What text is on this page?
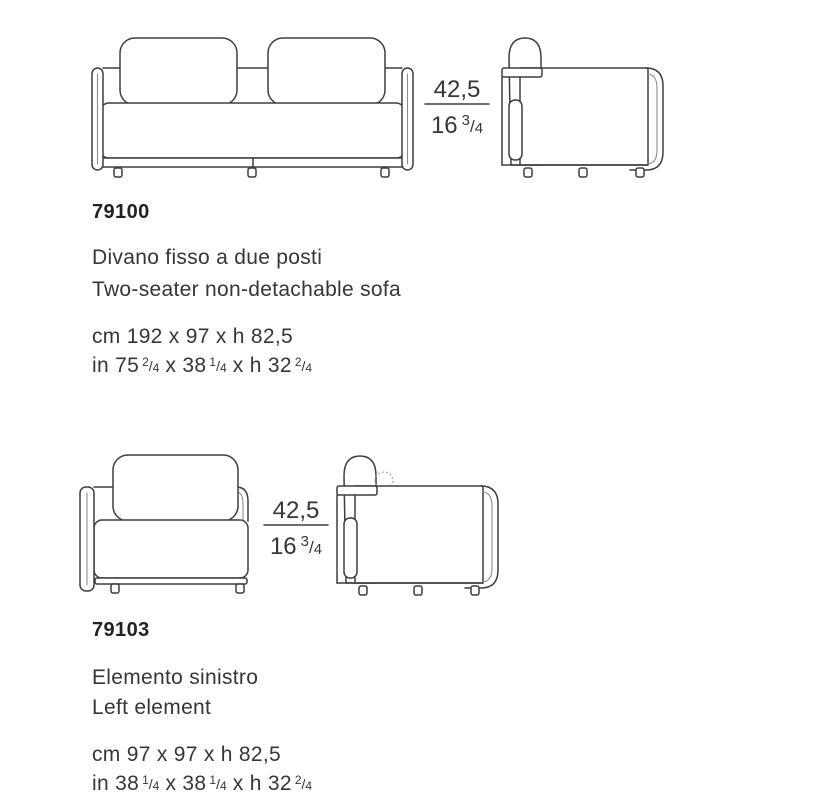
42,5
16 $^3$/4
79100
Divano fisso a due posti
Two-seater non-detachable sofa
cm 192 x 97 x h 82,5
in 75 $^2$/4 x 38 $^1$/4 x h 32 $^2$/4
42,5
16 $^3$/4
79103
Elemento sinistro
Left element
cm 97 x 97 x h 82,5
in 38 $^1$/4 x 38 $^1$/4 x h 32 $^2$/4
